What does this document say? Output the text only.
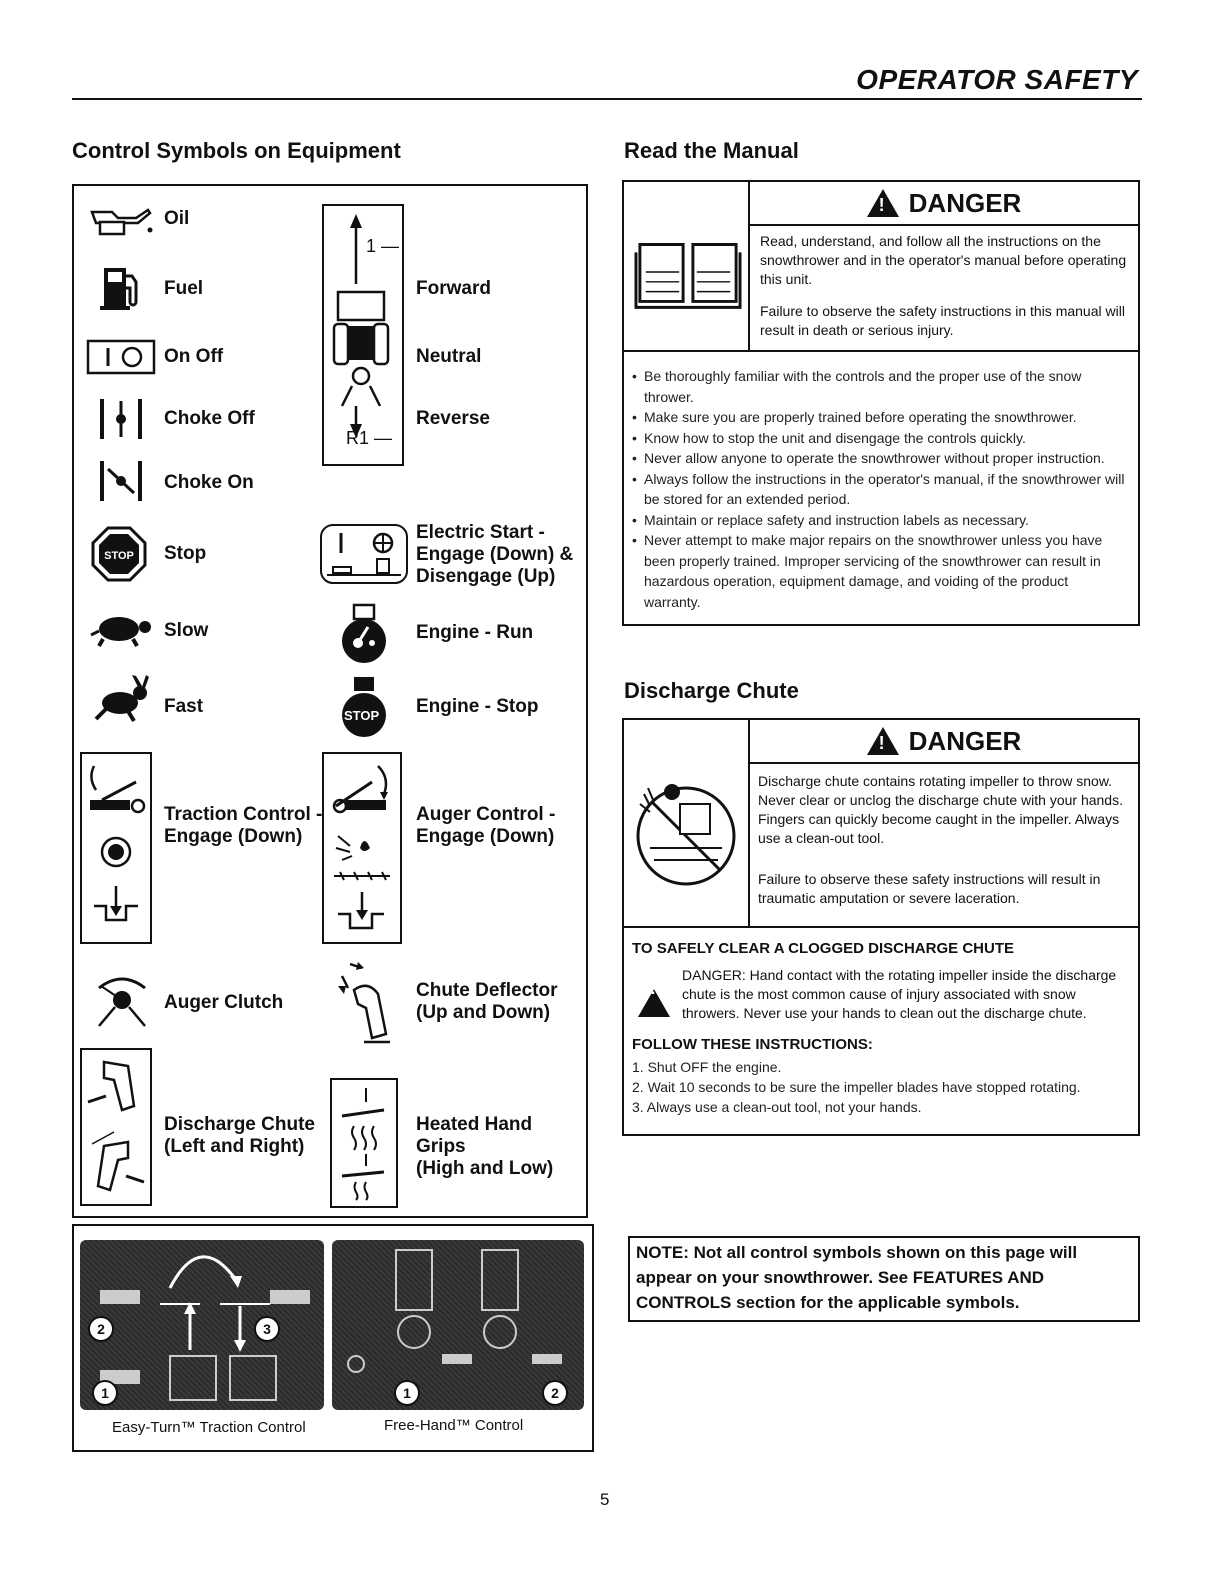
OPERATOR SAFETY
Control Symbols on Equipment
Oil
Fuel
On Off
Choke Off
Choke On
STOP Stop
Slow
Fast
Traction Control -
Engage (Down)
Auger Clutch
Discharge Chute
(Left and Right)
1 —
R1 —
Forward
Neutral
Reverse
Electric Start -
Engage (Down) &
Disengage (Up)
Engine - Run
STOP Engine - Stop
Auger Control -
Engage (Down)
Chute Deflector
(Up and Down)
Heated Hand Grips
(High and Low)
2	3
1	1	2
Easy-Turn™ Traction Control	Free-Hand™ Control
Read the Manual
!
DANGER
Read, understand, and follow all the instructions on the snowthrower and in the operator's manual before operating this unit.
Failure to observe the safety instructions in this manual will result in death or serious injury.
• Be thoroughly familiar with the controls and the proper use of the snow thrower.
• Make sure you are properly trained before operating the snowthrower.
• Know how to stop the unit and disengage the controls quickly.
• Never allow anyone to operate the snowthrower without proper instruction.
• Always follow the instructions in the operator's manual, if the snowthrower will be stored for an extended period.
• Maintain or replace safety and instruction labels as necessary.
• Never attempt to make major repairs on the snowthrower unless you have been properly trained. Improper servicing of the snowthrower can result in hazardous operation, equipment damage, and voiding of the product warranty.
Discharge Chute
!
DANGER
Discharge chute contains rotating impeller to throw snow. Never clear or unclog the discharge chute with your hands. Fingers can quickly become caught in the impeller. Always use a clean-out tool.
Failure to observe these safety instructions will result in traumatic amputation or severe laceration.
TO SAFELY CLEAR A CLOGGED DISCHARGE CHUTE
!
DANGER: Hand contact with the rotating impeller inside the discharge chute is the most common cause of injury associated with snow throwers. Never use your hands to clean out the discharge chute.
FOLLOW THESE INSTRUCTIONS:
1. Shut OFF the engine.
2. Wait 10 seconds to be sure the impeller blades have stopped rotating.
3. Always use a clean-out tool, not your hands.
NOTE: Not all control symbols shown on this page will appear on your snowthrower. See FEATURES AND CONTROLS section for the applicable symbols.
5
